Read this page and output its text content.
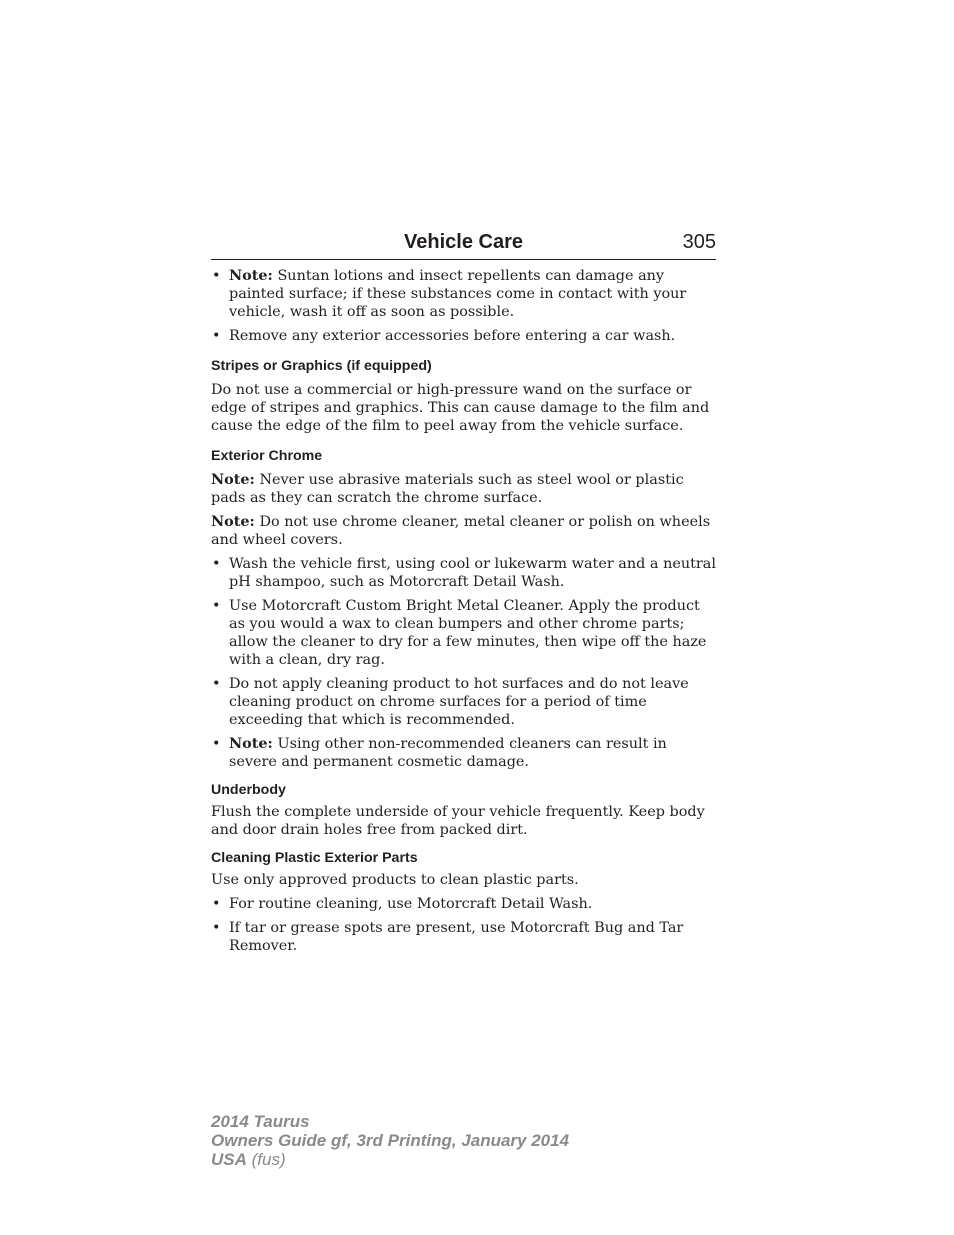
Vehicle Care	305
• Note: Suntan lotions and insect repellents can damage any painted surface; if these substances come in contact with your vehicle, wash it off as soon as possible.
• Remove any exterior accessories before entering a car wash.
Stripes or Graphics (if equipped)

Do not use a commercial or high-pressure wand on the surface or edge of stripes and graphics. This can cause damage to the film and cause the edge of the film to peel away from the vehicle surface.

Exterior Chrome

Note: Never use abrasive materials such as steel wool or plastic pads as they can scratch the chrome surface.

Note: Do not use chrome cleaner, metal cleaner or polish on wheels and wheel covers.

• Wash the vehicle first, using cool or lukewarm water and a neutral pH shampoo, such as Motorcraft Detail Wash.
• Use Motorcraft Custom Bright Metal Cleaner. Apply the product as you would a wax to clean bumpers and other chrome parts; allow the cleaner to dry for a few minutes, then wipe off the haze with a clean, dry rag.
• Do not apply cleaning product to hot surfaces and do not leave cleaning product on chrome surfaces for a period of time exceeding that which is recommended.
• Note: Using other non-recommended cleaners can result in severe and permanent cosmetic damage.
Underbody

Flush the complete underside of your vehicle frequently. Keep body and door drain holes free from packed dirt.

Cleaning Plastic Exterior Parts

Use only approved products to clean plastic parts.

• For routine cleaning, use Motorcraft Detail Wash.
• If tar or grease spots are present, use Motorcraft Bug and Tar Remover.
2014 Taurus
Owners Guide gf, 3rd Printing, January 2014
USA (fus)
